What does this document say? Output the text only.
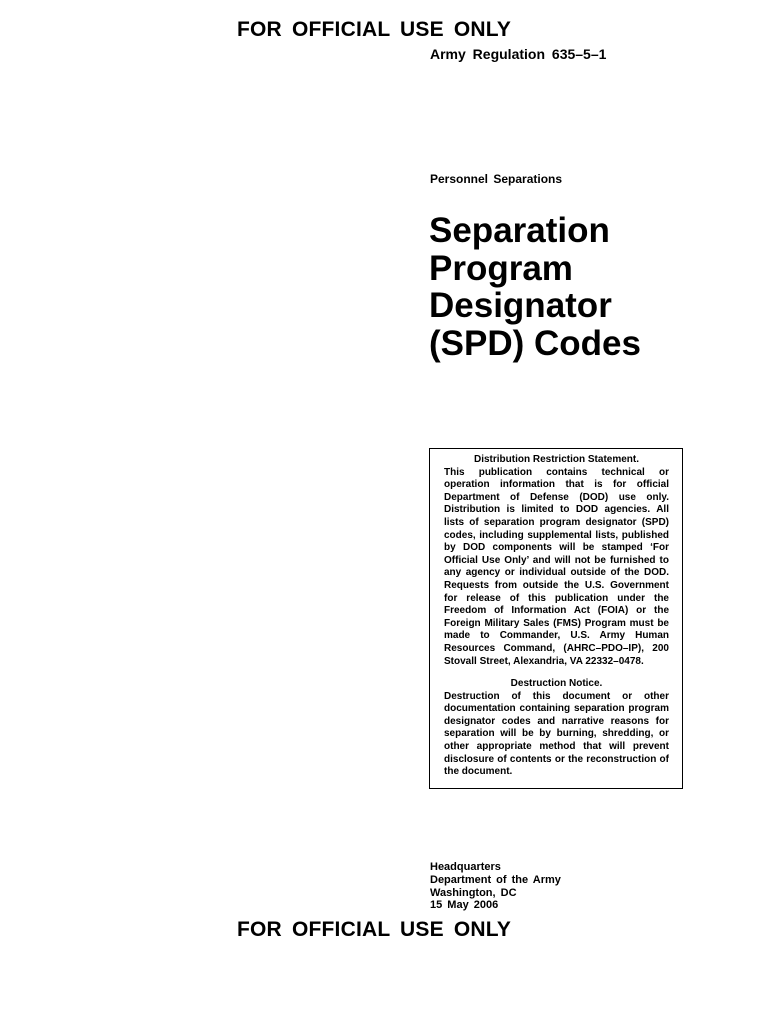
FOR OFFICIAL USE ONLY
Army Regulation 635–5–1
Personnel Separations
Separation
Program
Designator
(SPD) Codes
Distribution Restriction Statement.
This publication contains technical or operation information that is for official Department of Defense (DOD) use only. Distribution is limited to DOD agencies. All lists of separation program designator (SPD) codes, including supplemental lists, published by DOD components will be stamped ‘For Official Use Only’ and will not be furnished to any agency or individual outside of the DOD. Requests from outside the U.S. Government for release of this publication under the Freedom of Information Act (FOIA) or the Foreign Military Sales (FMS) Program must be made to Commander, U.S. Army Human Resources Command, (AHRC–PDO–IP), 200 Stovall Street, Alexandria, VA 22332–0478.
Destruction Notice.
Destruction of this document or other documentation containing separation program designator codes and narrative reasons for separation will be by burning, shredding, or other appropriate method that will prevent disclosure of contents or the reconstruction of the document.
Headquarters
Department of the Army
Washington, DC
15 May 2006
FOR OFFICIAL USE ONLY
